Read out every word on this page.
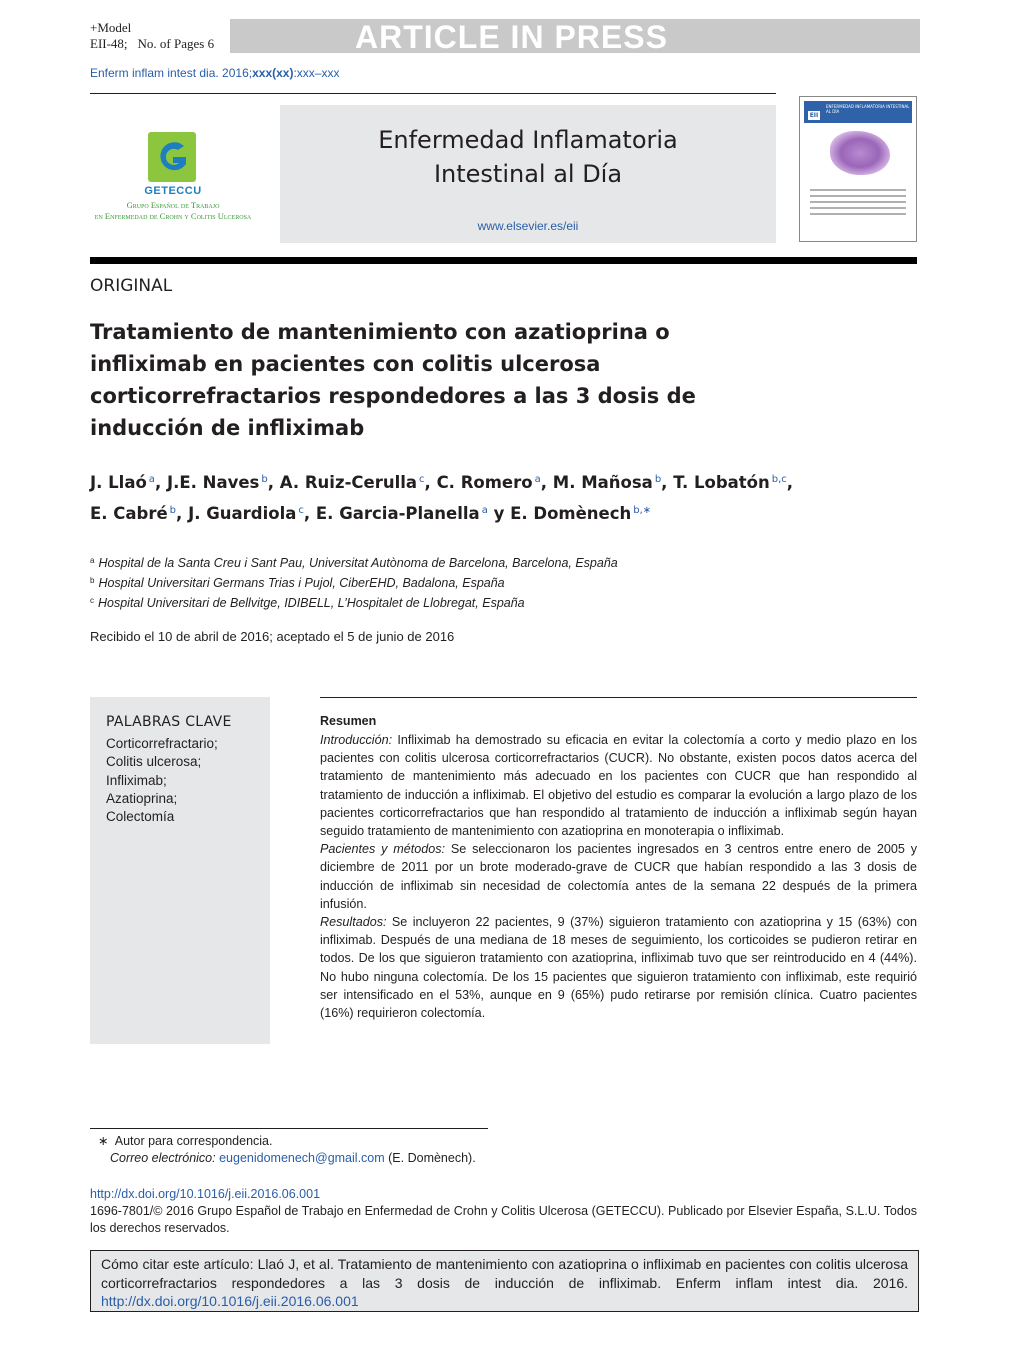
+Model
EII-48; No. of Pages 6	ARTICLE IN PRESS
Enferm inflam intest dia. 2016;xxx(xx):xxx–xxx
GETECCU
Grupo Español de Trabajo
en Enfermedad de Crohn y Colitis Ulcerosa
Enfermedad Inflamatoria
Intestinal al Día
www.elsevier.es/eii
ENFERMEDAD INFLAMATORIA INTESTINAL AL DÍA
EII
ORIGINAL
Tratamiento de mantenimiento con azatioprina o infliximab en pacientes con colitis ulcerosa corticorrefractarios respondedores a las 3 dosis de inducción de infliximab
J. Llaó $^a$, J.E. Naves $^b$, A. Ruiz-Cerulla $^c$, C. Romero $^a$, M. Mañosa $^b$, T. Lobatón $^{b,c}$,
E. Cabré $^b$, J. Guardiola $^c$, E. Garcia-Planella $^a$ y E. Domènech $^{b,∗}$
$^a$ Hospital de la Santa Creu i Sant Pau, Universitat Autònoma de Barcelona, Barcelona, España
$^b$ Hospital Universitari Germans Trias i Pujol, CiberEHD, Badalona, España
$^c$ Hospital Universitari de Bellvitge, IDIBELL, L’Hospitalet de Llobregat, España
Recibido el 10 de abril de 2016; aceptado el 5 de junio de 2016
PALABRAS CLAVE
Corticorrefractario;
Colitis ulcerosa;
Infliximab;
Azatioprina;
Colectomía
Resumen

Introducción: Infliximab ha demostrado su eficacia en evitar la colectomía a corto y medio plazo en los pacientes con colitis ulcerosa corticorrefractarios (CUCR). No obstante, existen pocos datos acerca del tratamiento de mantenimiento más adecuado en los pacientes con CUCR que han respondido al tratamiento de inducción a infliximab. El objetivo del estudio es comparar la evolución a largo plazo de los pacientes corticorrefractarios que han respondido al tratamiento de inducción a infliximab según hayan seguido tratamiento de mantenimiento con azatioprina en monoterapia o infliximab.

Pacientes y métodos: Se seleccionaron los pacientes ingresados en 3 centros entre enero de 2005 y diciembre de 2011 por un brote moderado-grave de CUCR que habían respondido a las 3 dosis de inducción de infliximab sin necesidad de colectomía antes de la semana 22 después de la primera infusión.

Resultados: Se incluyeron 22 pacientes, 9 (37%) siguieron tratamiento con azatioprina y 15 (63%) con infliximab. Después de una mediana de 18 meses de seguimiento, los corticoides se pudieron retirar en todos. De los que siguieron tratamiento con azatioprina, infliximab tuvo que ser reintroducido en 4 (44%). No hubo ninguna colectomía. De los 15 pacientes que siguieron tratamiento con infliximab, este requirió ser intensificado en el 53%, aunque en 9 (65%) pudo retirarse por remisión clínica. Cuatro pacientes (16%) requirieron colectomía.

∗ Autor para correspondencia.
Correo electrónico: eugenidomenech@gmail.com (E. Domènech).
http://dx.doi.org/10.1016/j.eii.2016.06.001
1696-7801/© 2016 Grupo Español de Trabajo en Enfermedad de Crohn y Colitis Ulcerosa (GETECCU). Publicado por Elsevier España, S.L.U. Todos los derechos reservados.
Cómo citar este artículo: Llaó J, et al. Tratamiento de mantenimiento con azatioprina o infliximab en pacientes con colitis ulcerosa corticorrefractarios respondedores a las 3 dosis de inducción de infliximab. Enferm inflam intest dia. 2016. http://dx.doi.org/10.1016/j.eii.2016.06.001
